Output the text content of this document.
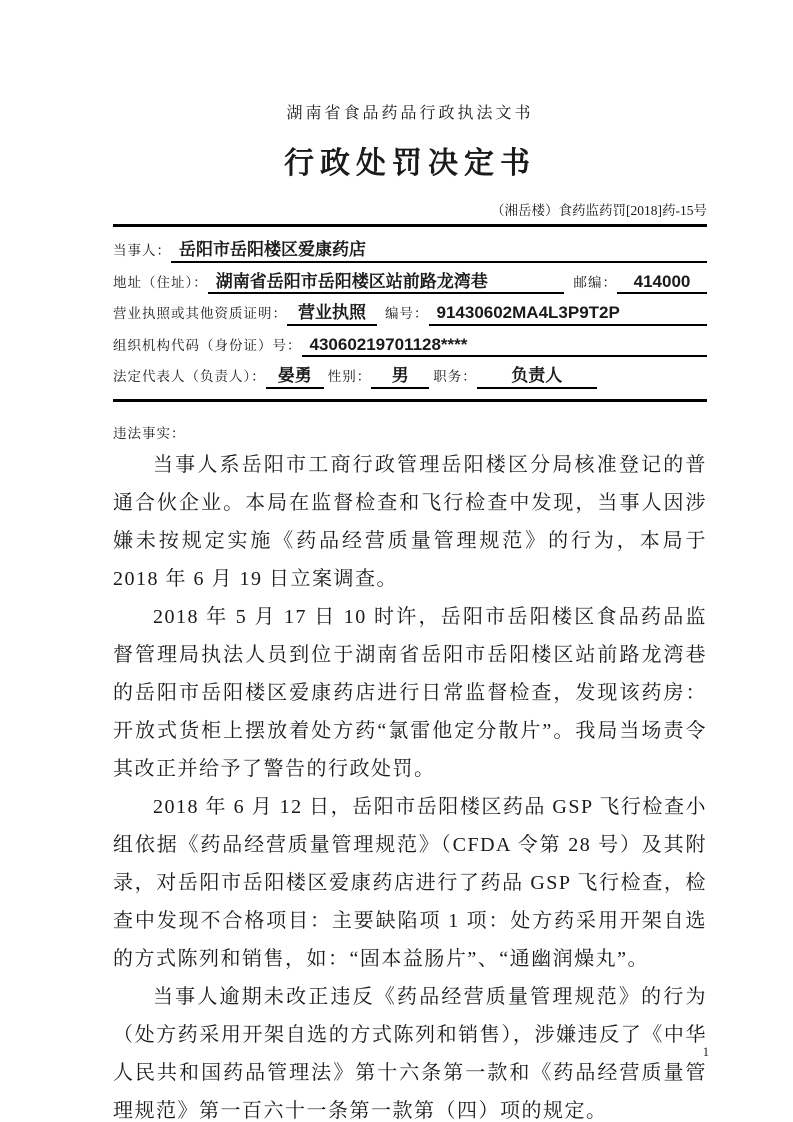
湖南省食品药品行政执法文书
行政处罚决定书
（湘岳楼）食药监药罚[2018]药-15号
当事人： 岳阳市岳阳楼区爱康药店
地址（住址）： 湖南省岳阳市岳阳楼区站前路龙湾巷	邮编： 414000
营业执照或其他资质证明： 营业执照	编号： 91430602MA4L3P9T2P
组织机构代码（身份证）号： 43060219701128****
法定代表人（负责人）： 晏勇	性别：	男	职务：	负责人
违法事实：

当事人系岳阳市工商行政管理岳阳楼区分局核准登记的普通合伙企业。本局在监督检查和飞行检查中发现，当事人因涉嫌未按规定实施《药品经营质量管理规范》的行为，本局于 2018 年 6 月 19 日立案调查。

2018 年 5 月 17 日 10 时许，岳阳市岳阳楼区食品药品监督管理局执法人员到位于湖南省岳阳市岳阳楼区站前路龙湾巷的岳阳市岳阳楼区爱康药店进行日常监督检查，发现该药房：开放式货柜上摆放着处方药“氯雷他定分散片”。我局当场责令其改正并给予了警告的行政处罚。

2018 年 6 月 12 日，岳阳市岳阳楼区药品 GSP 飞行检查小组依据《药品经营质量管理规范》（CFDA 令第 28 号）及其附录，对岳阳市岳阳楼区爱康药店进行了药品 GSP 飞行检查，检查中发现不合格项目：主要缺陷项 1 项：处方药采用开架自选的方式陈列和销售，如：“固本益肠片”、“通幽润燥丸”。

当事人逾期未改正违反《药品经营质量管理规范》的行为（处方药采用开架自选的方式陈列和销售），涉嫌违反了《中华人民共和国药品管理法》第十六条第一款和《药品经营质量管理规范》第一百六十一条第一款第（四）项的规定。

1
